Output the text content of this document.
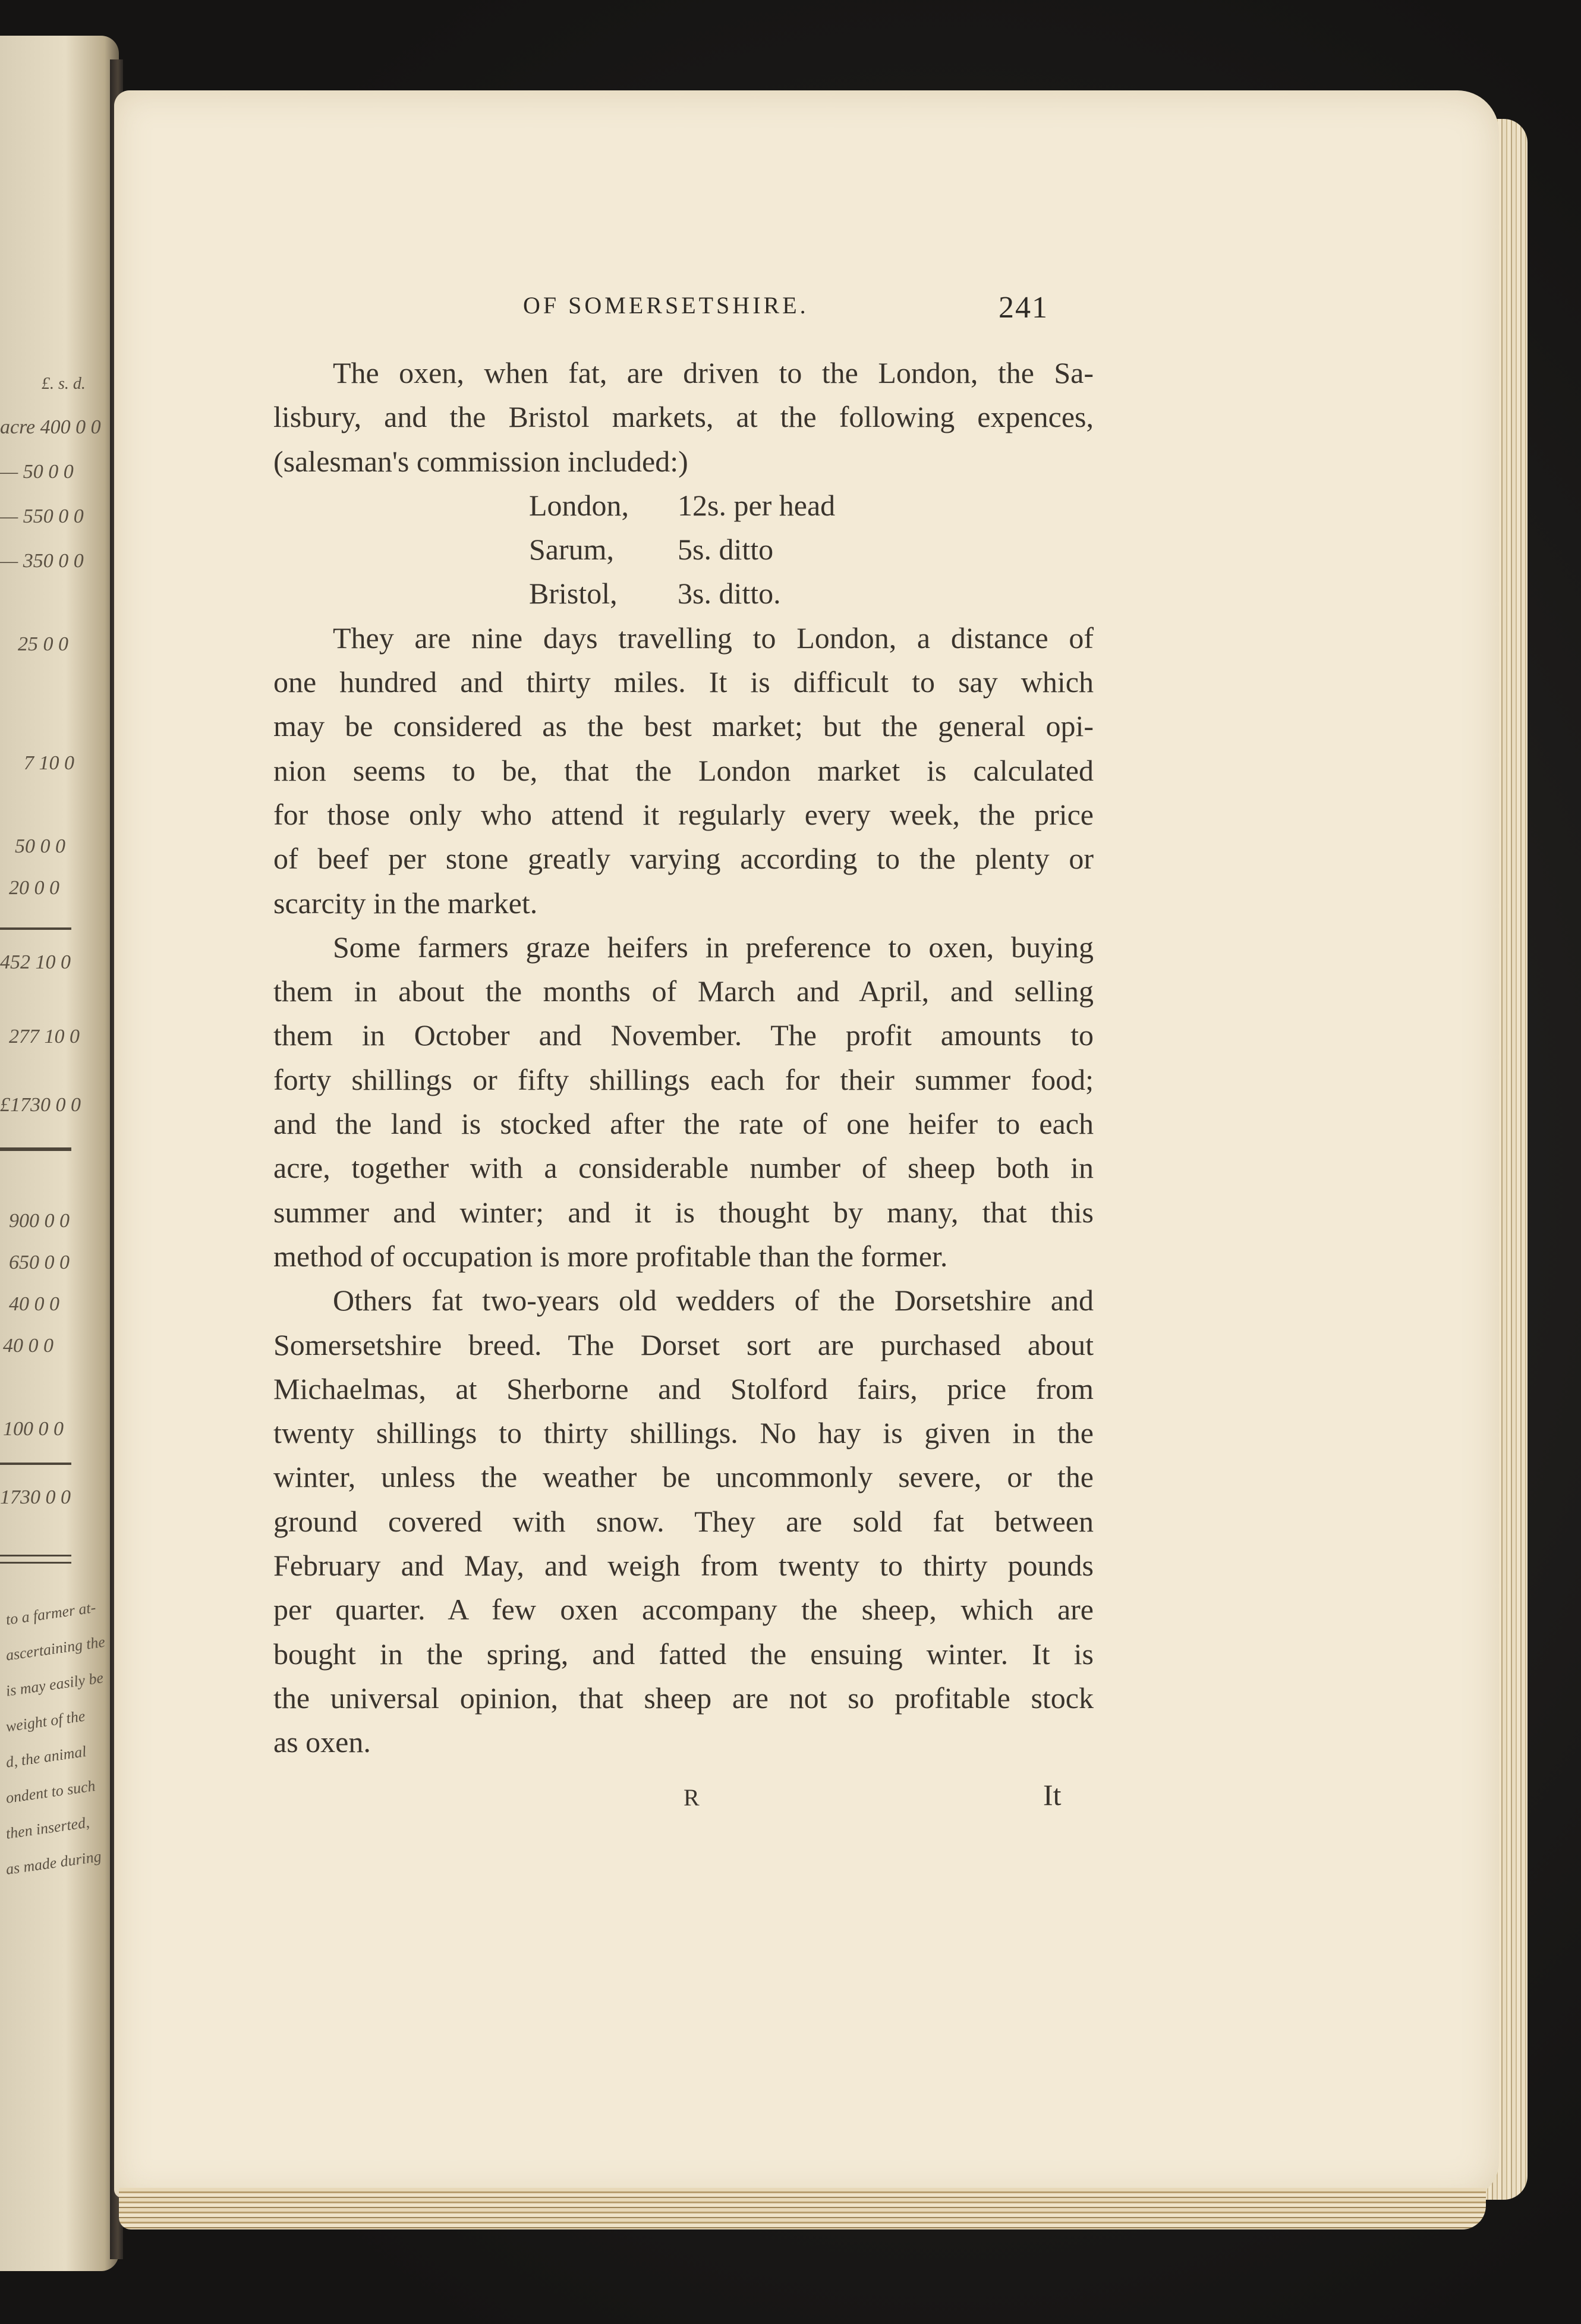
£. s. d.
acre 400 0 0
— 50 0 0
— 550 0 0
— 350 0 0
25 0 0
7 10 0
50 0 0
20 0 0
452 10 0
277 10 0
£1730 0 0
900 0 0
650 0 0
40 0 0
40 0 0
100 0 0
1730 0 0
to a farmer at-
ascertaining the
is may easily be
weight of the
d, the animal
ondent to such
then inserted,
as made during
OF SOMERSETSHIRE.	241
The oxen, when fat, are driven to the London, the Sa-
lisbury, and the Bristol markets, at the following expences,
(salesman's commission included:)
London, 12s. per head
Sarum, 5s. ditto
Bristol, 3s. ditto.
They are nine days travelling to London, a distance of
one hundred and thirty miles. It is difficult to say which
may be considered as the best market; but the general opi-
nion seems to be, that the London market is calculated
for those only who attend it regularly every week, the price
of beef per stone greatly varying according to the plenty or
scarcity in the market.
Some farmers graze heifers in preference to oxen, buying
them in about the months of March and April, and selling
them in October and November. The profit amounts to
forty shillings or fifty shillings each for their summer food;
and the land is stocked after the rate of one heifer to each
acre, together with a considerable number of sheep both in
summer and winter; and it is thought by many, that this
method of occupation is more profitable than the former.
Others fat two-years old wedders of the Dorsetshire and
Somersetshire breed. The Dorset sort are purchased about
Michaelmas, at Sherborne and Stolford fairs, price from
twenty shillings to thirty shillings. No hay is given in the
winter, unless the weather be uncommonly severe, or the
ground covered with snow. They are sold fat between
February and May, and weigh from twenty to thirty pounds
per quarter. A few oxen accompany the sheep, which are
bought in the spring, and fatted the ensuing winter. It is
the universal opinion, that sheep are not so profitable stock
as oxen.
R	It
